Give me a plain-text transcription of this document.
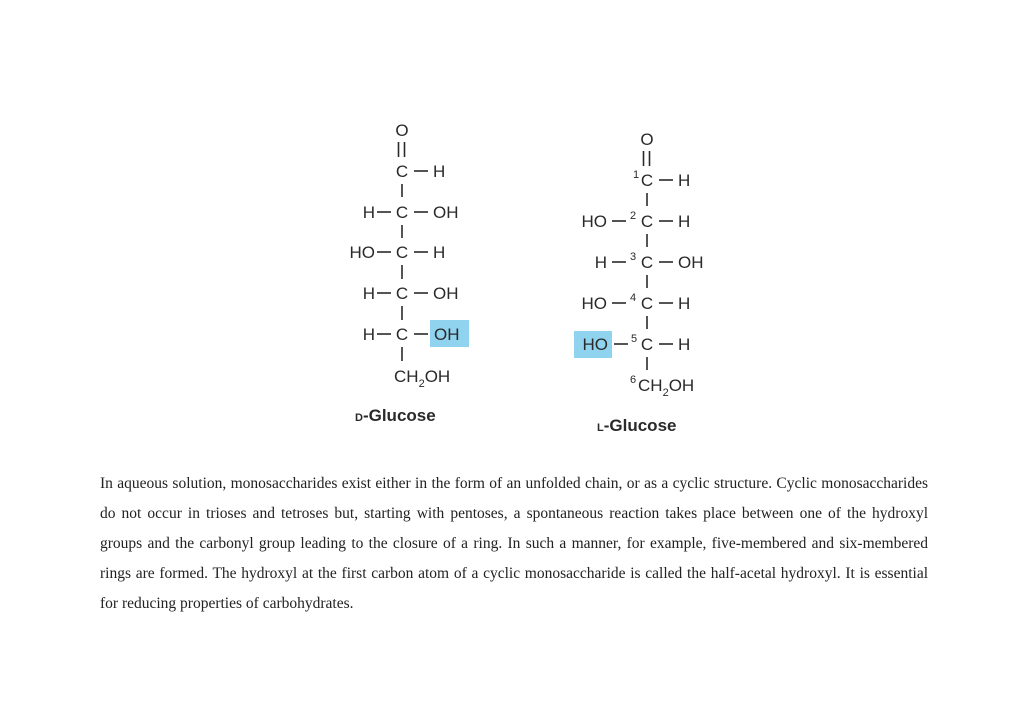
O
C H
H C OH
HO C H
H C OH
H C OH
$CH_2OH$
D-Glucose
O
1 C H
HO 2 C H
H 3 C OH
HO 4 C H
HO 5 C H
6 $CH_2OH$
L-Glucose

In aqueous solution, monosaccharides exist either in the form of an unfolded chain, or as a cyclic structure. Cyclic monosaccharides do not occur in trioses and tetroses but, starting with pentoses, a spontaneous reaction takes place between one of the hydroxyl groups and the carbonyl group leading to the closure of a ring. In such a manner, for example, five-membered and six-membered rings are formed. The hydroxyl at the first carbon atom of a cyclic monosaccharide is called the half-acetal hydroxyl. It is essential for reducing properties of carbohydrates.
